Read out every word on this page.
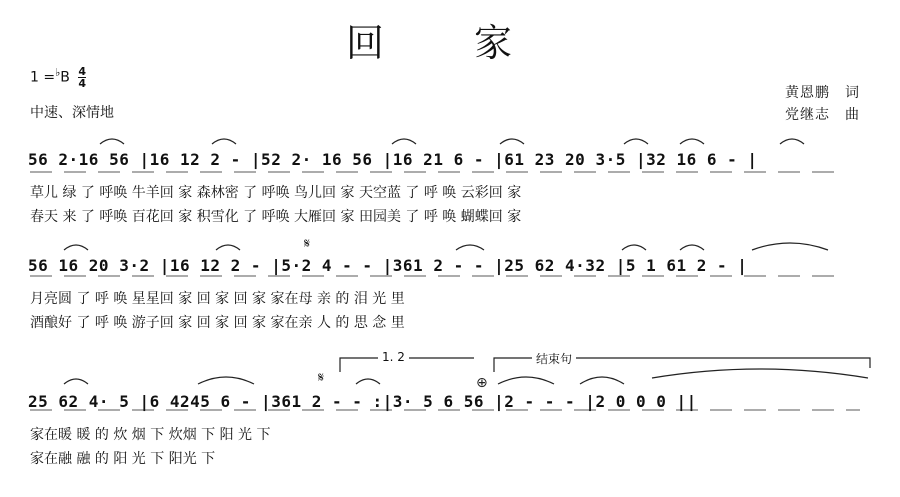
回 家
$1 =^♭B \frac{4}{4}$
中速、深情地
黄恩鹏　词
党继志　曲
𝄋
𝄋	⊕
1. 2	结束句
56 2·16 56 |16 12 2 - |52 2· 16 56 |16 21 6 - |61 23 20 3·5 |32 16 6 - |
草儿 绿 了 呼唤 牛羊回 家 森林密 了 呼唤 鸟儿回 家 天空蓝 了 呼 唤 云彩回 家
春天 来 了 呼唤 百花回 家 积雪化 了 呼唤 大雁回 家 田园美 了 呼 唤 蝴蝶回 家
56 16 20 3·2 |16 12 2 - |5·2 4 - - |361 2 - - |25 62 4·32 |5 1 61 2 - |
月亮圆 了 呼 唤 星星回 家 回 家 回 家 家在母 亲 的 泪 光 里
酒酿好 了 呼 唤 游子回 家 回 家 回 家 家在亲 人 的 思 念 里
25 62 4· 5 |6 4245 6 - |361 2 - - :|3· 5 6 56 |2 - - - |2 0 0 0 ||
家在暖 暖 的 炊 烟 下 炊烟 下 阳 光 下
家在融 融 的 阳 光 下 阳光 下
